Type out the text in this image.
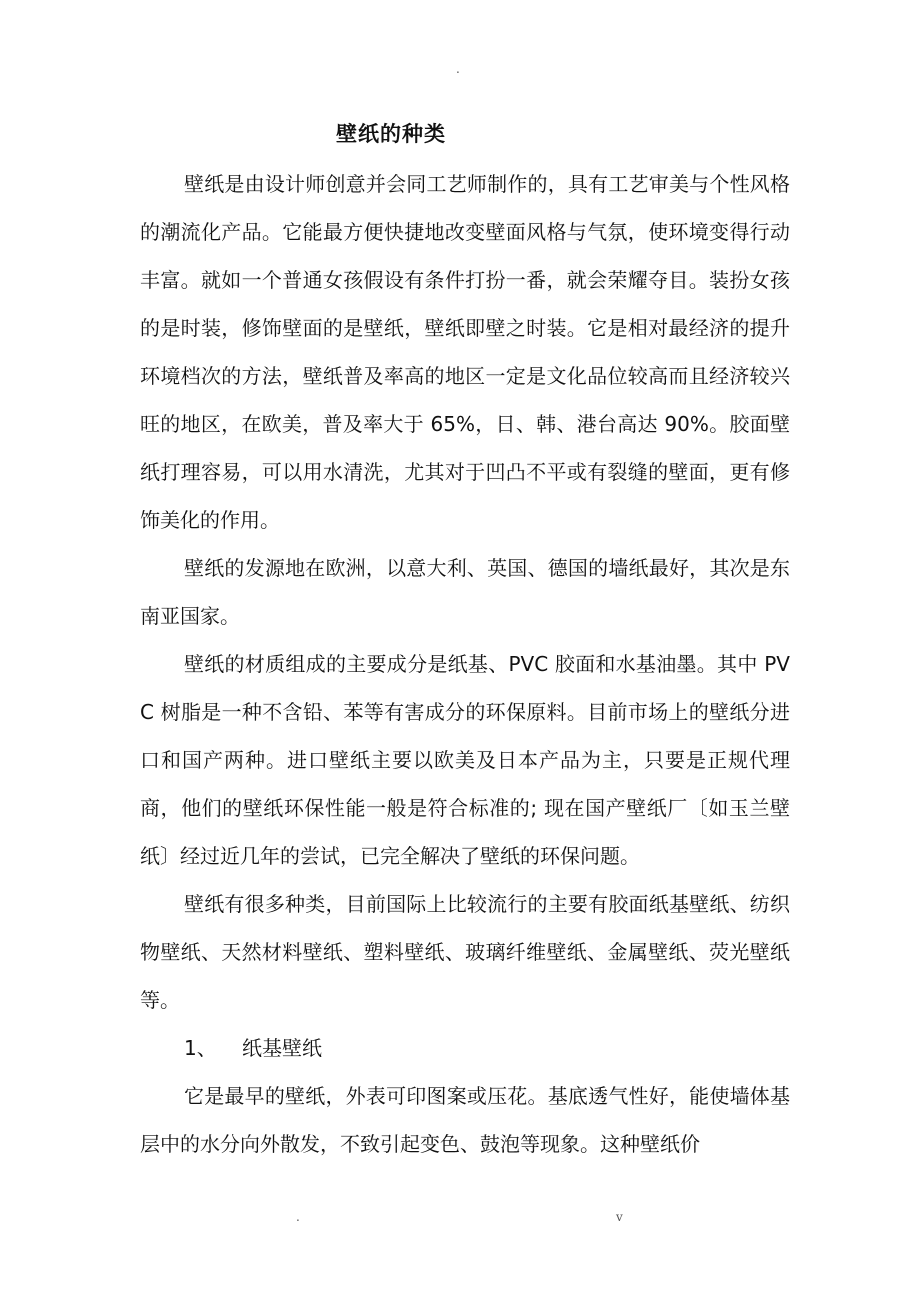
.
壁纸的种类

壁纸是由设计师创意并会同工艺师制作的，具有工艺审美与个性风格的潮流化产品。它能最方便快捷地改变壁面风格与气氛，使环境变得行动丰富。就如一个普通女孩假设有条件打扮一番，就会荣耀夺目。装扮女孩的是时装，修饰壁面的是壁纸，壁纸即壁之时装。它是相对最经济的提升环境档次的方法，壁纸普及率高的地区一定是文化品位较高而且经济较兴旺的地区，在欧美，普及率大于 65%，日、韩、港台高达 90%。胶面壁纸打理容易，可以用水清洗，尤其对于凹凸不平或有裂缝的壁面，更有修饰美化的作用。

壁纸的发源地在欧洲，以意大利、英国、德国的墙纸最好，其次是东南亚国家。

壁纸的材质组成的主要成分是纸基、PVC 胶面和水基油墨。其中 PVC 树脂是一种不含铅、苯等有害成分的环保原料。目前市场上的壁纸分进口和国产两种。进口壁纸主要以欧美及日本产品为主，只要是正规代理商，他们的壁纸环保性能一般是符合标准的; 现在国产壁纸厂〔如玉兰壁纸〕经过近几年的尝试，已完全解决了壁纸的环保问题。

壁纸有很多种类，目前国际上比较流行的主要有胶面纸基壁纸、纺织物壁纸、天然材料壁纸、塑料壁纸、玻璃纤维壁纸、金属壁纸、荧光壁纸等。

1、 纸基壁纸

它是最早的壁纸，外表可印图案或压花。基底透气性好，能使墙体基层中的水分向外散发，不致引起变色、鼓泡等现象。这种壁纸价

.	v
